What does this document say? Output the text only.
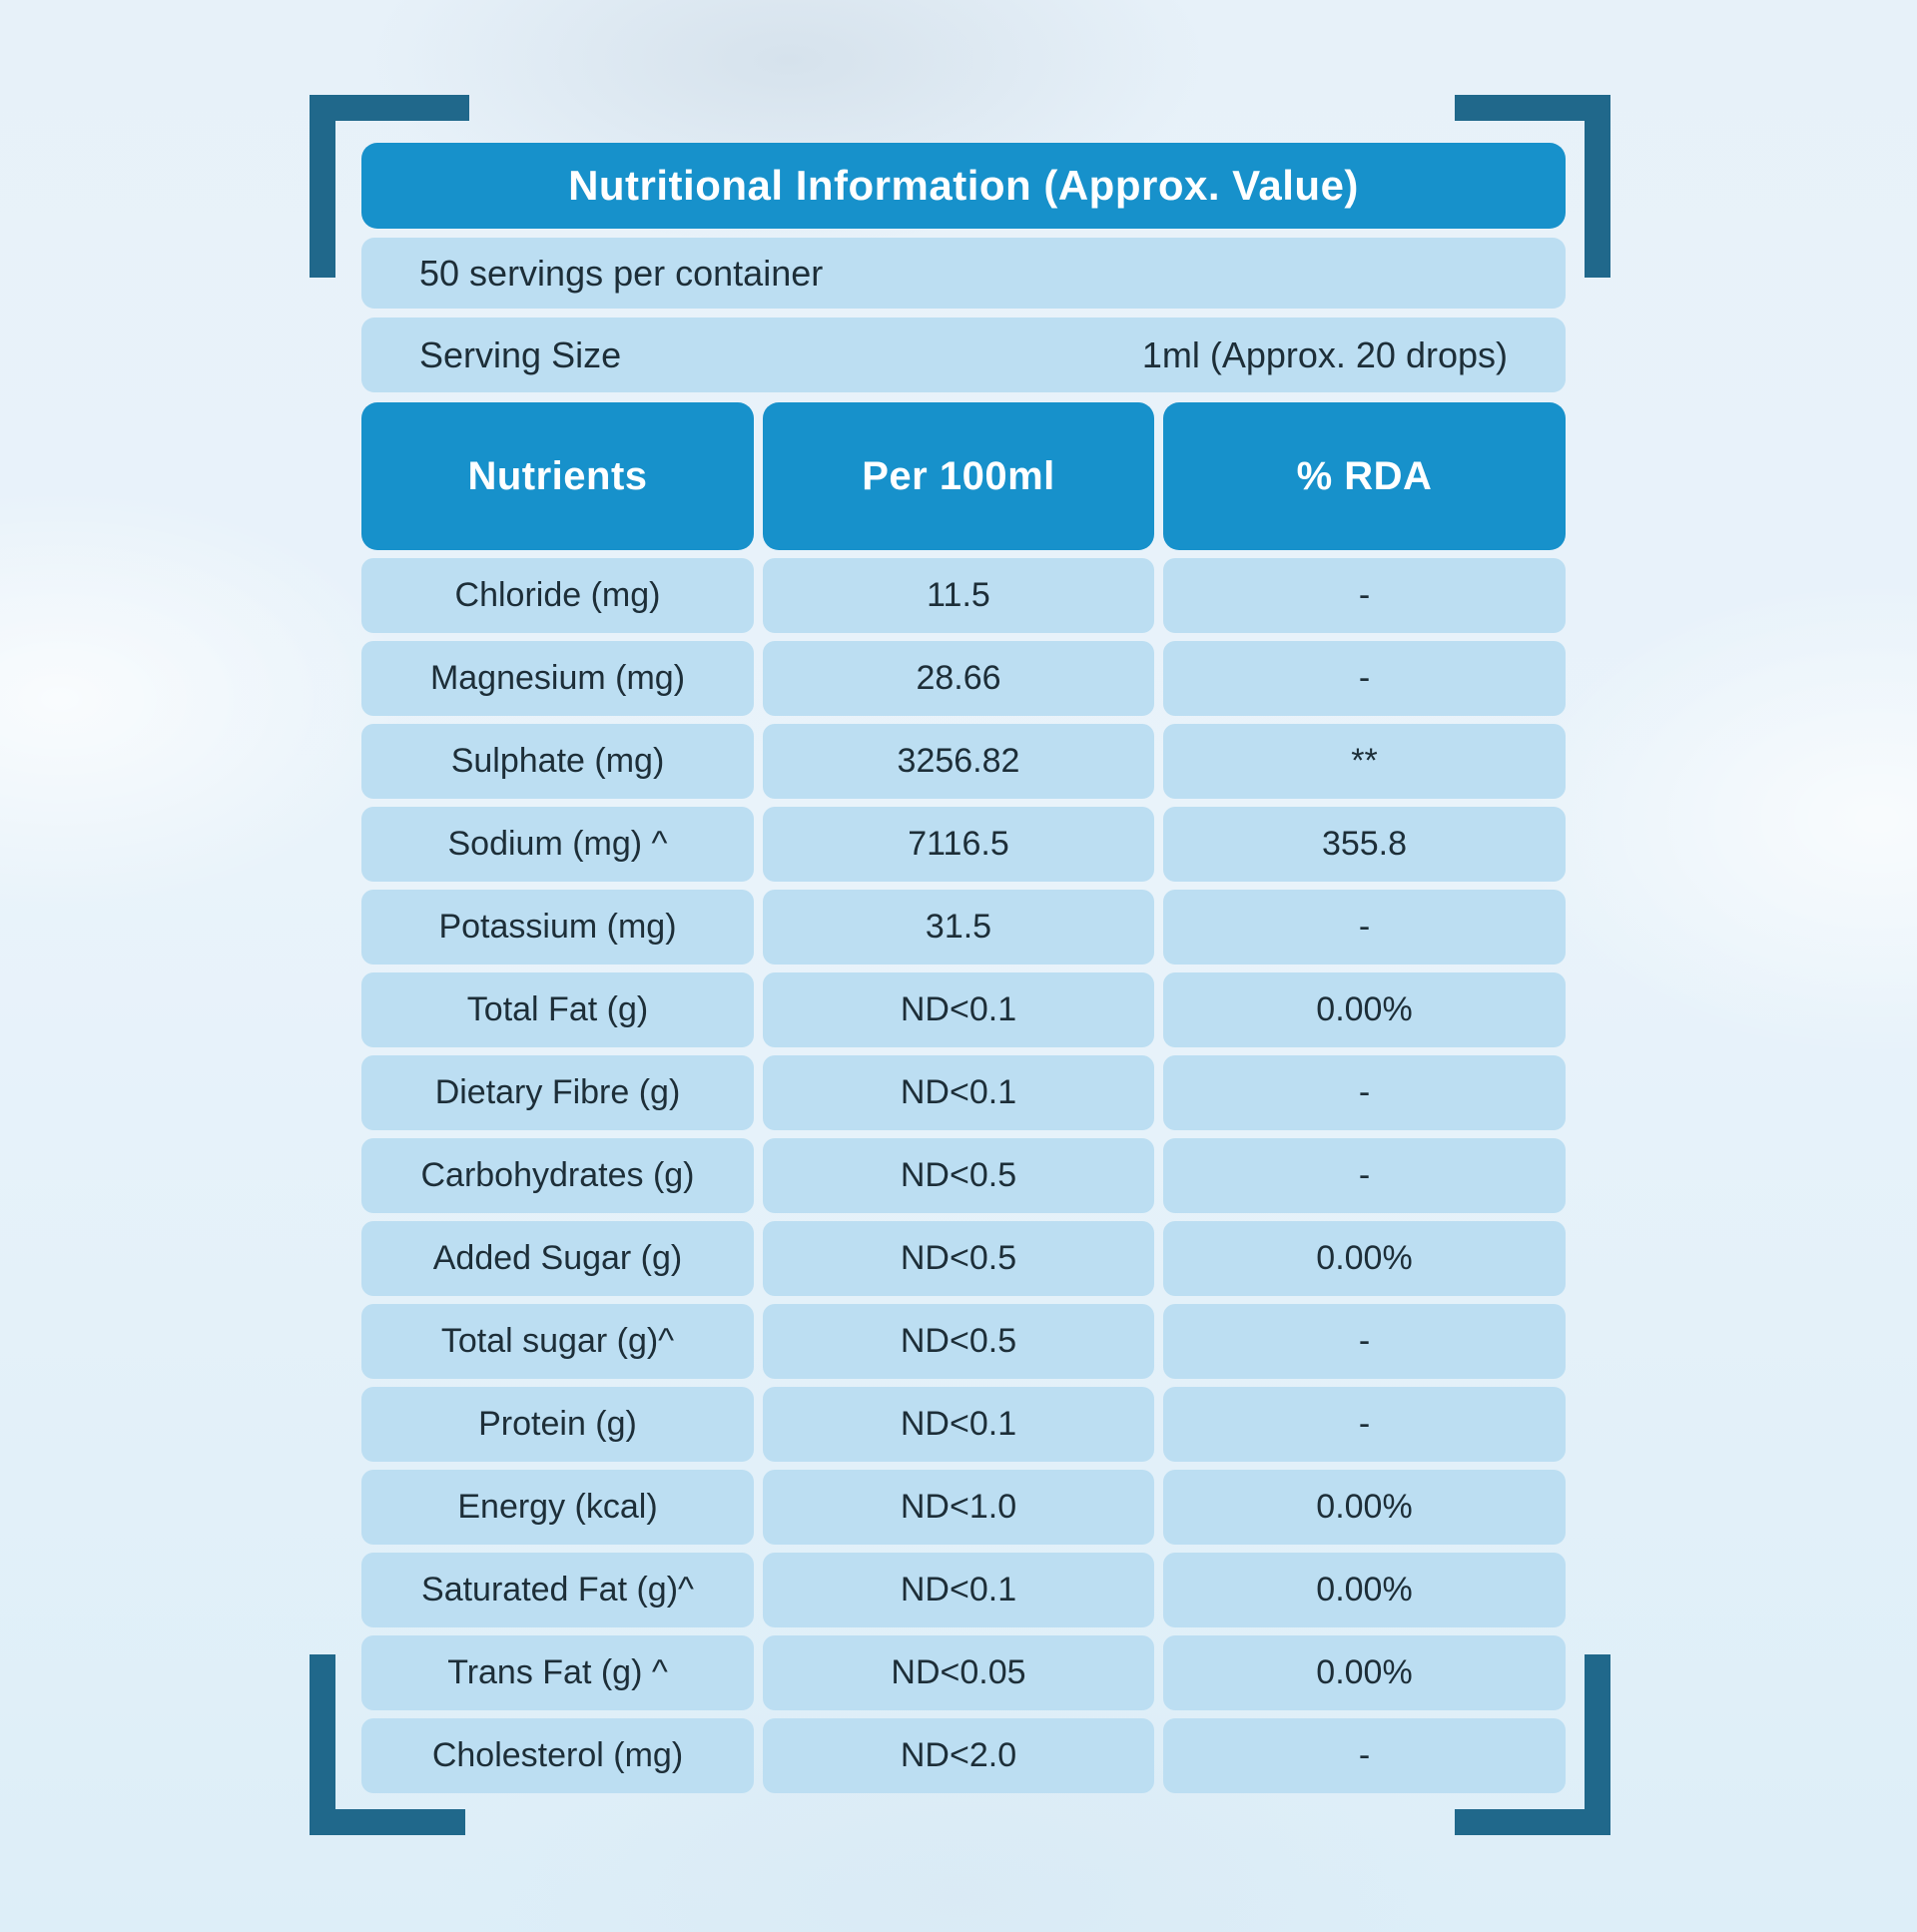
Nutritional Information (Approx. Value)
50 servings per container
Serving Size	1ml (Approx. 20 drops)
Nutrients	Per 100ml	% RDA
Chloride (mg)	11.5	-
Magnesium (mg)	28.66	-
Sulphate (mg)	3256.82	**
Sodium (mg) ^	7116.5	355.8
Potassium (mg)	31.5	-
Total Fat (g)	ND<0.1	0.00%
Dietary Fibre (g)	ND<0.1	-
Carbohydrates (g)	ND<0.5	-
Added Sugar (g)	ND<0.5	0.00%
Total sugar (g)^	ND<0.5	-
Protein (g)	ND<0.1	-
Energy (kcal)	ND<1.0	0.00%
Saturated Fat (g)^	ND<0.1	0.00%
Trans Fat (g) ^	ND<0.05	0.00%
Cholesterol (mg)	ND<2.0	-
